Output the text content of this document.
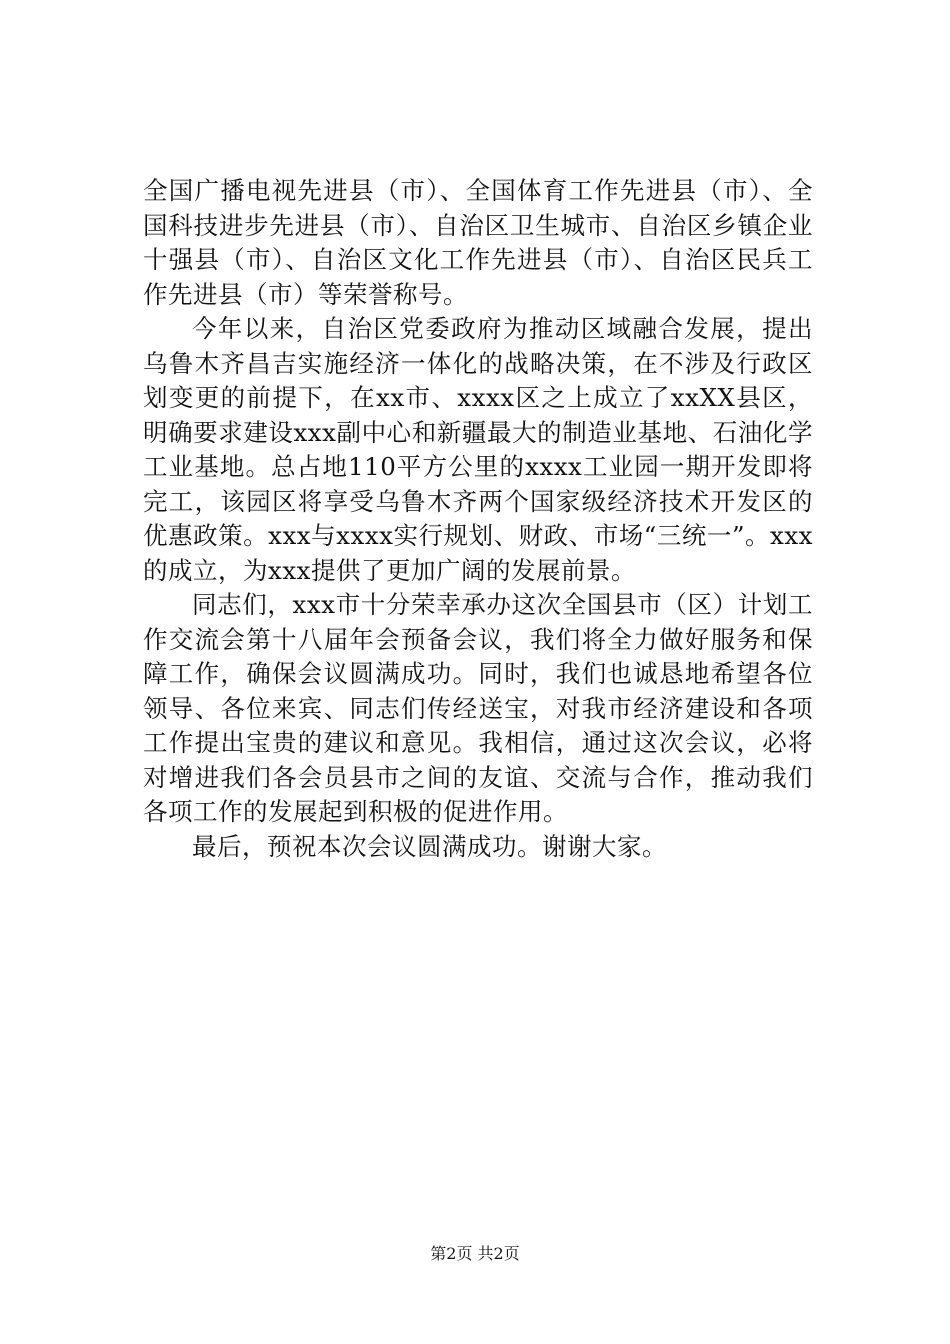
全国广播电视先进县（市）、全国体育工作先进县（市）、全国科技进步先进县（市）、自治区卫生城市、自治区乡镇企业十强县（市）、自治区文化工作先进县（市）、自治区民兵工作先进县（市）等荣誉称号。

今年以来，自治区党委政府为推动区域融合发展，提出乌鲁木齐昌吉实施经济一体化的战略决策，在不涉及行政区划变更的前提下，在xx市、xxxx区之上成立了xxXX县区，明确要求建设xxx副中心和新疆最大的制造业基地、石油化学工业基地。总占地110平方公里的xxxx工业园一期开发即将完工，该园区将享受乌鲁木齐两个国家级经济技术开发区的优惠政策。xxx与xxxx实行规划、财政、市场“三统一”。xxx的成立，为xxx提供了更加广阔的发展前景。

同志们，xxx市十分荣幸承办这次全国县市（区）计划工作交流会第十八届年会预备会议，我们将全力做好服务和保障工作，确保会议圆满成功。同时，我们也诚恳地希望各位领导、各位来宾、同志们传经送宝，对我市经济建设和各项工作提出宝贵的建议和意见。我相信，通过这次会议，必将对增进我们各会员县市之间的友谊、交流与合作，推动我们各项工作的发展起到积极的促进作用。

最后，预祝本次会议圆满成功。谢谢大家。

第2页 共2页
